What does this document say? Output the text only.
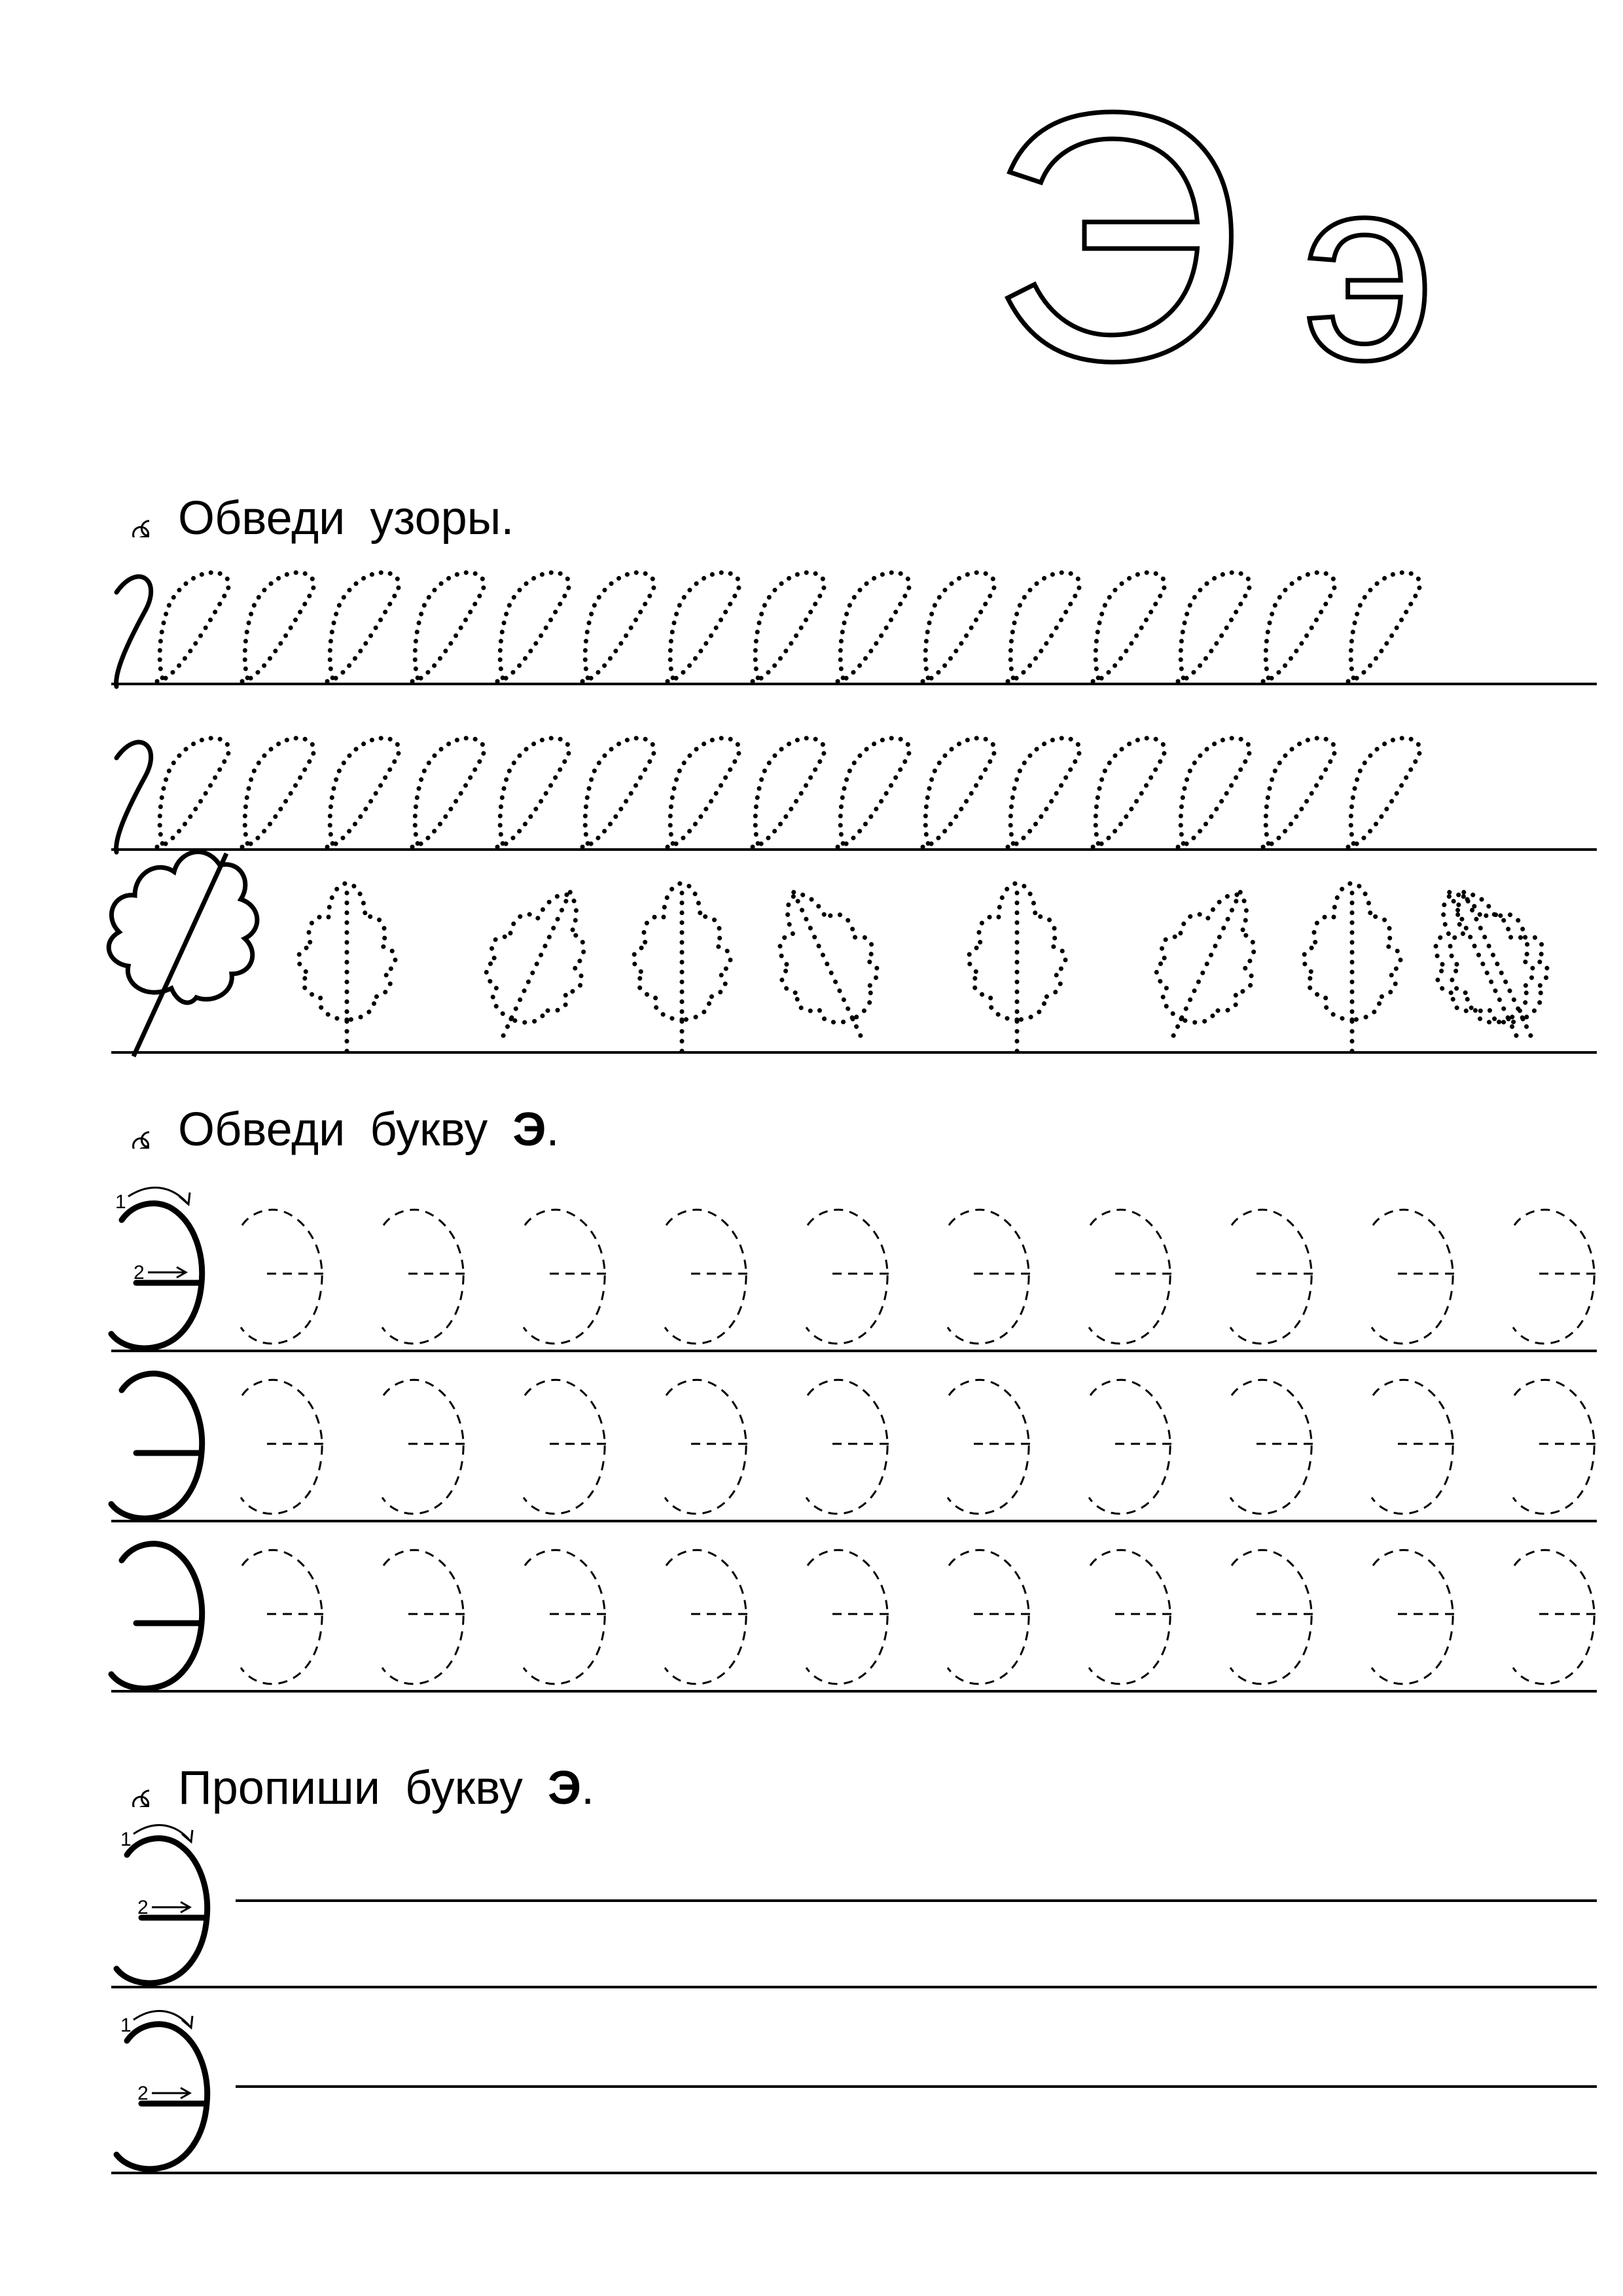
Э э
1
2
1
2
1
2
Обведи узоры.
Обведи букву Э.
Пропиши букву Э.
